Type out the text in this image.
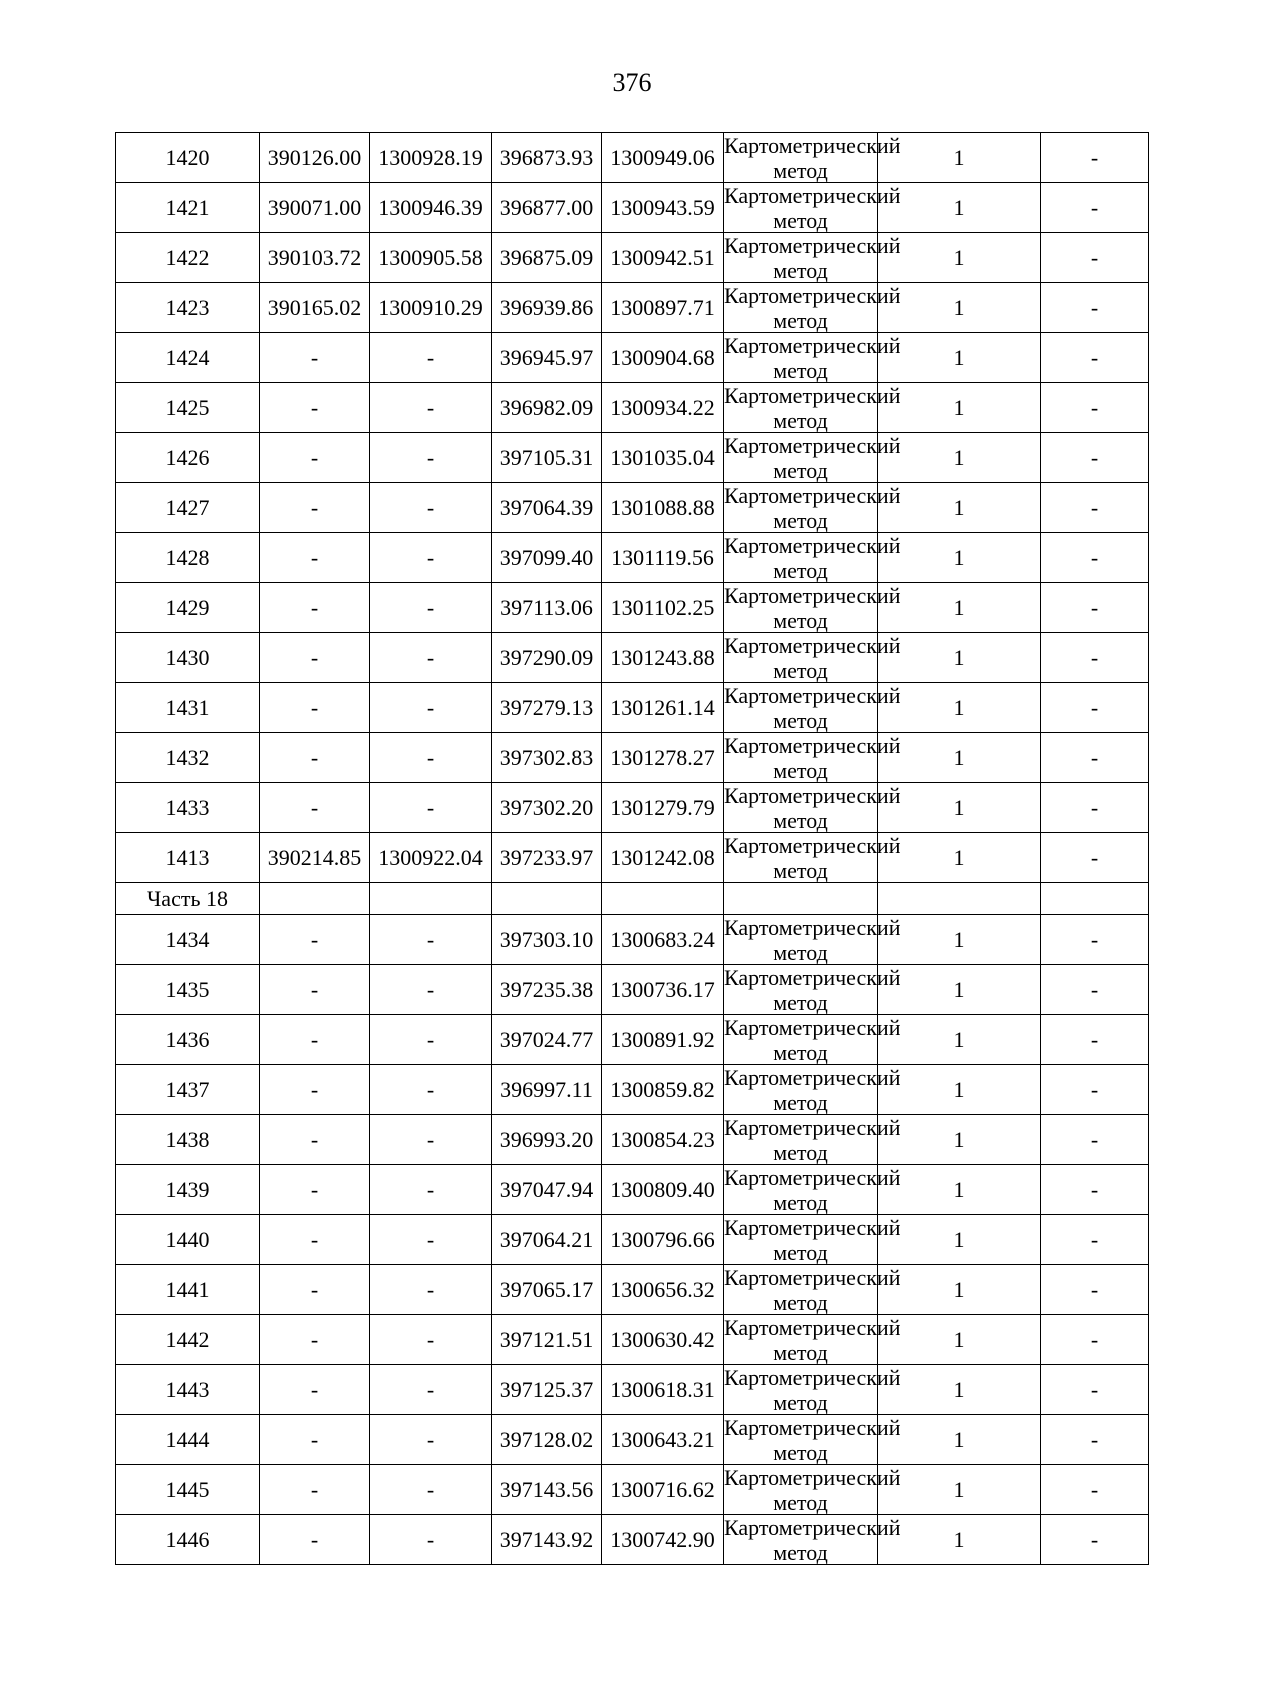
376
1420	390126.00	1300928.19	396873.93	1300949.06	Картометрический метод	1	-
1421	390071.00	1300946.39	396877.00	1300943.59	Картометрический метод	1	-
1422	390103.72	1300905.58	396875.09	1300942.51	Картометрический метод	1	-
1423	390165.02	1300910.29	396939.86	1300897.71	Картометрический метод	1	-
1424	-	-	396945.97	1300904.68	Картометрический метод	1	-
1425	-	-	396982.09	1300934.22	Картометрический метод	1	-
1426	-	-	397105.31	1301035.04	Картометрический метод	1	-
1427	-	-	397064.39	1301088.88	Картометрический метод	1	-
1428	-	-	397099.40	1301119.56	Картометрический метод	1	-
1429	-	-	397113.06	1301102.25	Картометрический метод	1	-
1430	-	-	397290.09	1301243.88	Картометрический метод	1	-
1431	-	-	397279.13	1301261.14	Картометрический метод	1	-
1432	-	-	397302.83	1301278.27	Картометрический метод	1	-
1433	-	-	397302.20	1301279.79	Картометрический метод	1	-
1413	390214.85	1300922.04	397233.97	1301242.08	Картометрический метод	1	-
Часть 18							
1434	-	-	397303.10	1300683.24	Картометрический метод	1	-
1435	-	-	397235.38	1300736.17	Картометрический метод	1	-
1436	-	-	397024.77	1300891.92	Картометрический метод	1	-
1437	-	-	396997.11	1300859.82	Картометрический метод	1	-
1438	-	-	396993.20	1300854.23	Картометрический метод	1	-
1439	-	-	397047.94	1300809.40	Картометрический метод	1	-
1440	-	-	397064.21	1300796.66	Картометрический метод	1	-
1441	-	-	397065.17	1300656.32	Картометрический метод	1	-
1442	-	-	397121.51	1300630.42	Картометрический метод	1	-
1443	-	-	397125.37	1300618.31	Картометрический метод	1	-
1444	-	-	397128.02	1300643.21	Картометрический метод	1	-
1445	-	-	397143.56	1300716.62	Картометрический метод	1	-
1446	-	-	397143.92	1300742.90	Картометрический метод	1	-
